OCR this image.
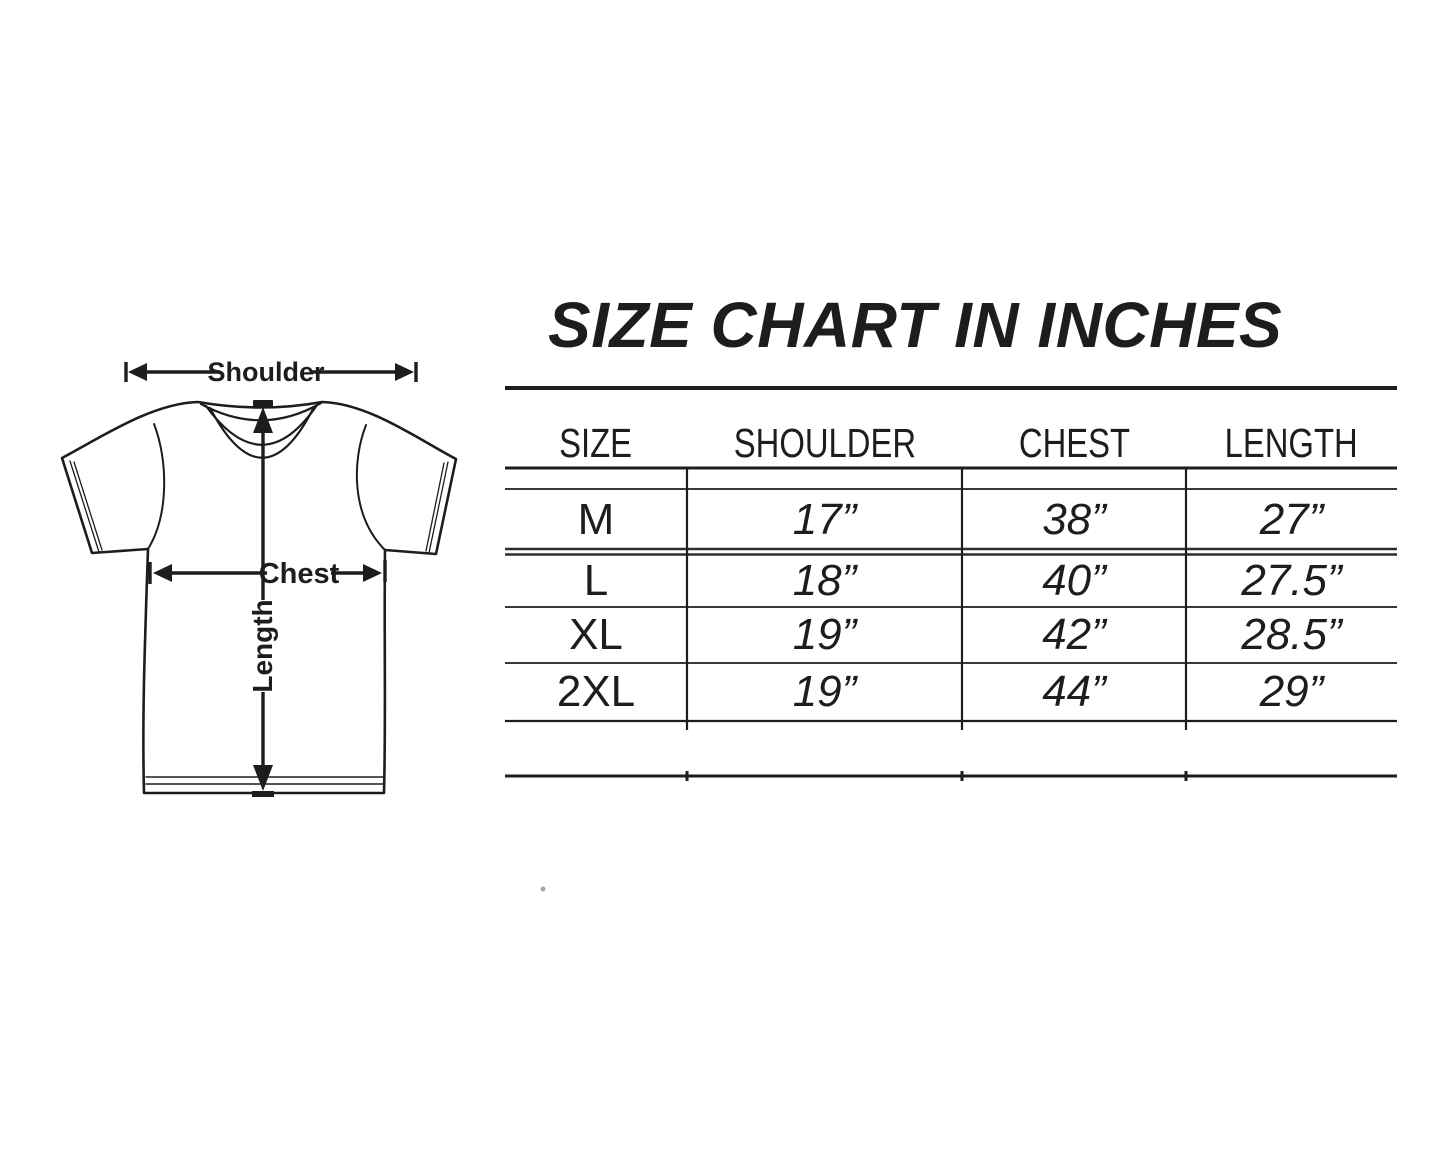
SIZE CHART IN INCHES
Shoulder
Chest
Length
SIZE	SHOULDER	CHEST	LENGTH
M	17”	38”	27”
L	18”	40”	27.5”
XL	19”	42”	28.5”
2XL	19”	44”	29”
